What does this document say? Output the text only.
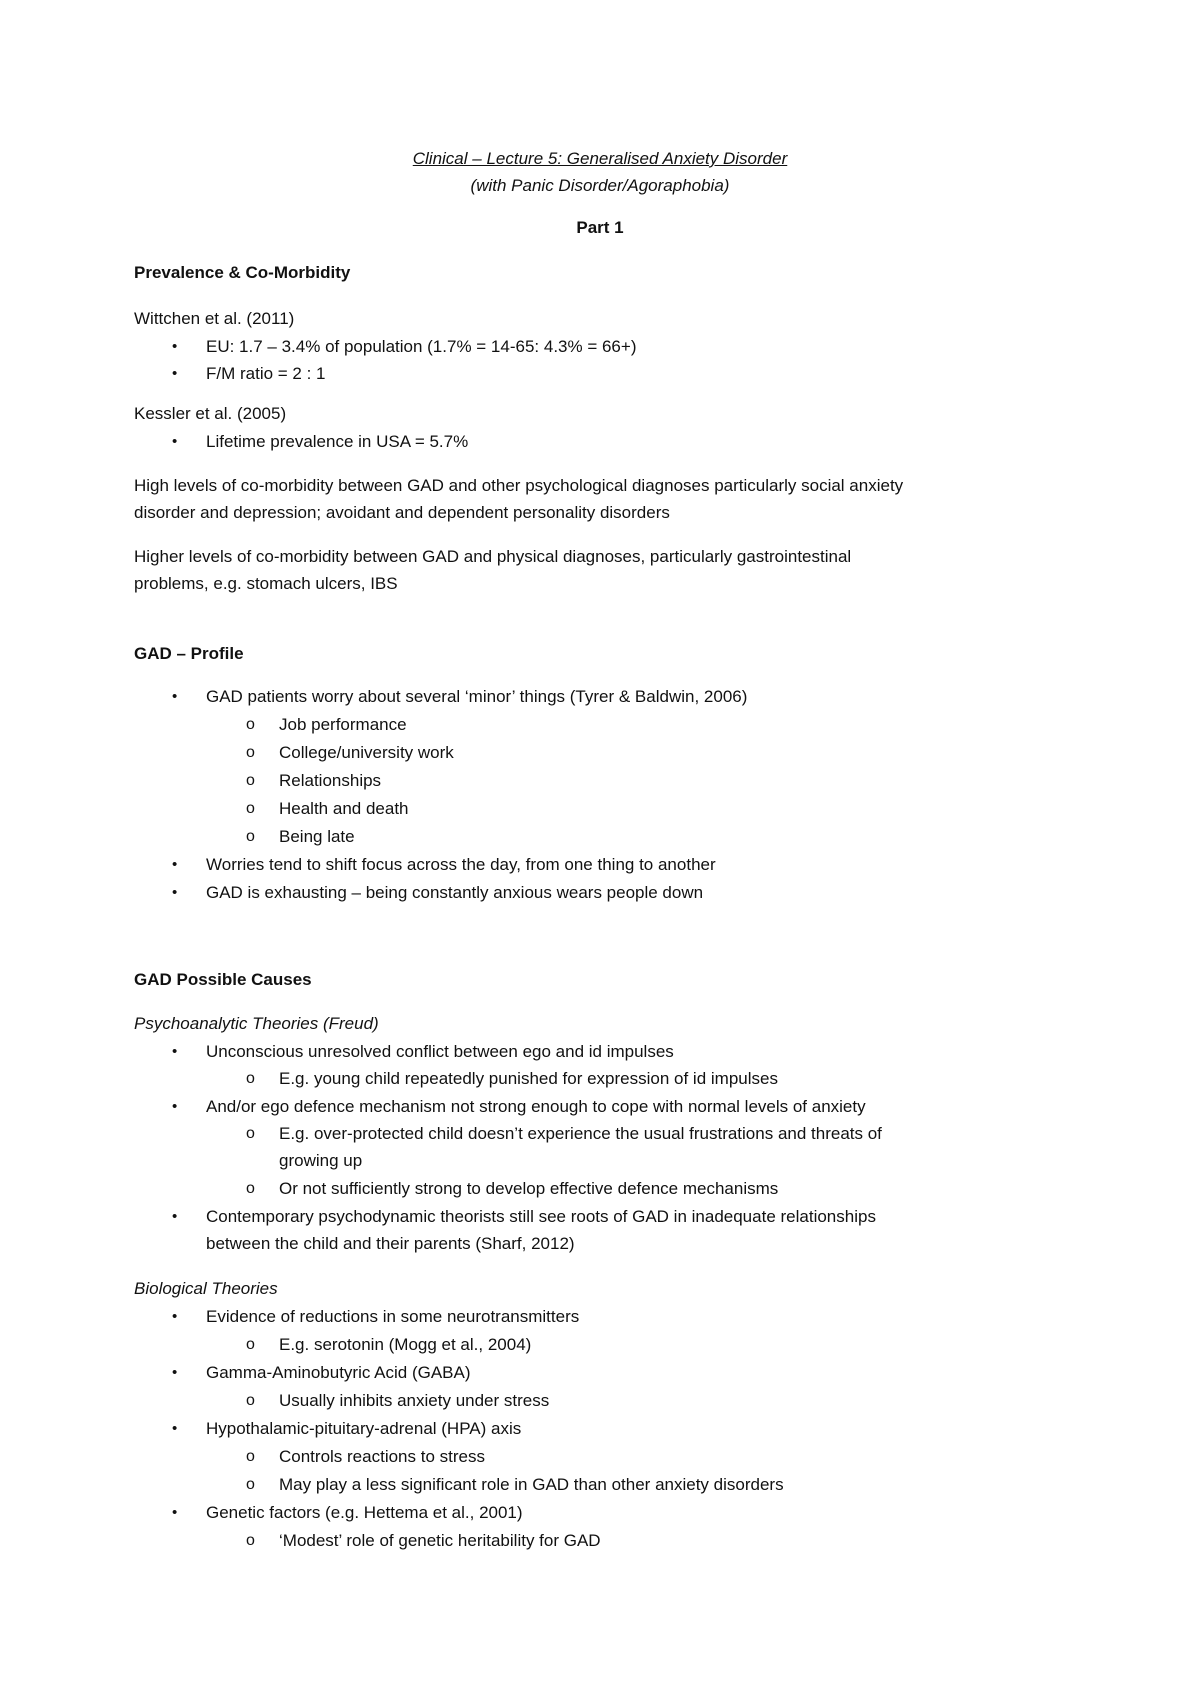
Clinical – Lecture 5: Generalised Anxiety Disorder
(with Panic Disorder/Agoraphobia)
Part 1
Prevalence & Co-Morbidity
Wittchen et al. (2011)
• EU: 1.7 – 3.4% of population (1.7% = 14-65: 4.3% = 66+)
• F/M ratio = 2 : 1
Kessler et al. (2005)
• Lifetime prevalence in USA = 5.7%
High levels of co-morbidity between GAD and other psychological diagnoses particularly social anxiety
disorder and depression; avoidant and dependent personality disorders
Higher levels of co-morbidity between GAD and physical diagnoses, particularly gastrointestinal
problems, e.g. stomach ulcers, IBS
GAD – Profile
• GAD patients worry about several ‘minor’ things (Tyrer & Baldwin, 2006)
o Job performance
o College/university work
o Relationships
o Health and death
o Being late
• Worries tend to shift focus across the day, from one thing to another
• GAD is exhausting – being constantly anxious wears people down
GAD Possible Causes
Psychoanalytic Theories (Freud)
• Unconscious unresolved conflict between ego and id impulses
o E.g. young child repeatedly punished for expression of id impulses
• And/or ego defence mechanism not strong enough to cope with normal levels of anxiety
o E.g. over-protected child doesn’t experience the usual frustrations and threats of
growing up
o Or not sufficiently strong to develop effective defence mechanisms
• Contemporary psychodynamic theorists still see roots of GAD in inadequate relationships
between the child and their parents (Sharf, 2012)
Biological Theories
• Evidence of reductions in some neurotransmitters
o E.g. serotonin (Mogg et al., 2004)
• Gamma-Aminobutyric Acid (GABA)
o Usually inhibits anxiety under stress
• Hypothalamic-pituitary-adrenal (HPA) axis
o Controls reactions to stress
o May play a less significant role in GAD than other anxiety disorders
• Genetic factors (e.g. Hettema et al., 2001)
o ‘Modest’ role of genetic heritability for GAD
